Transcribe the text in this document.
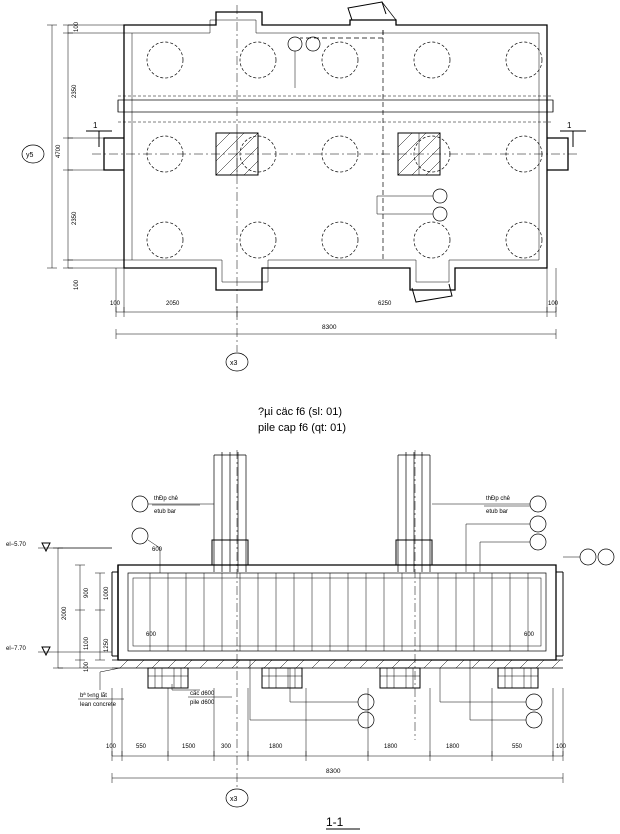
1	1
y5
x3
100
2350
4700
2350
100
100	2050	6250	100
8300
?µi cäc f6 (sl: 01)
pile cap f6 (qt: 01)
thÐp chê
etub bar
thÐp chê
etub bar
bª t«ng lãt
lean concrete
cäc d600
pile d600
600
600	600
el−5.70
el−7.70
2000
900
1100
100
1000
1250
100	550	1500	300	1800	1800	1800	550	100
8300
x3
1-1
